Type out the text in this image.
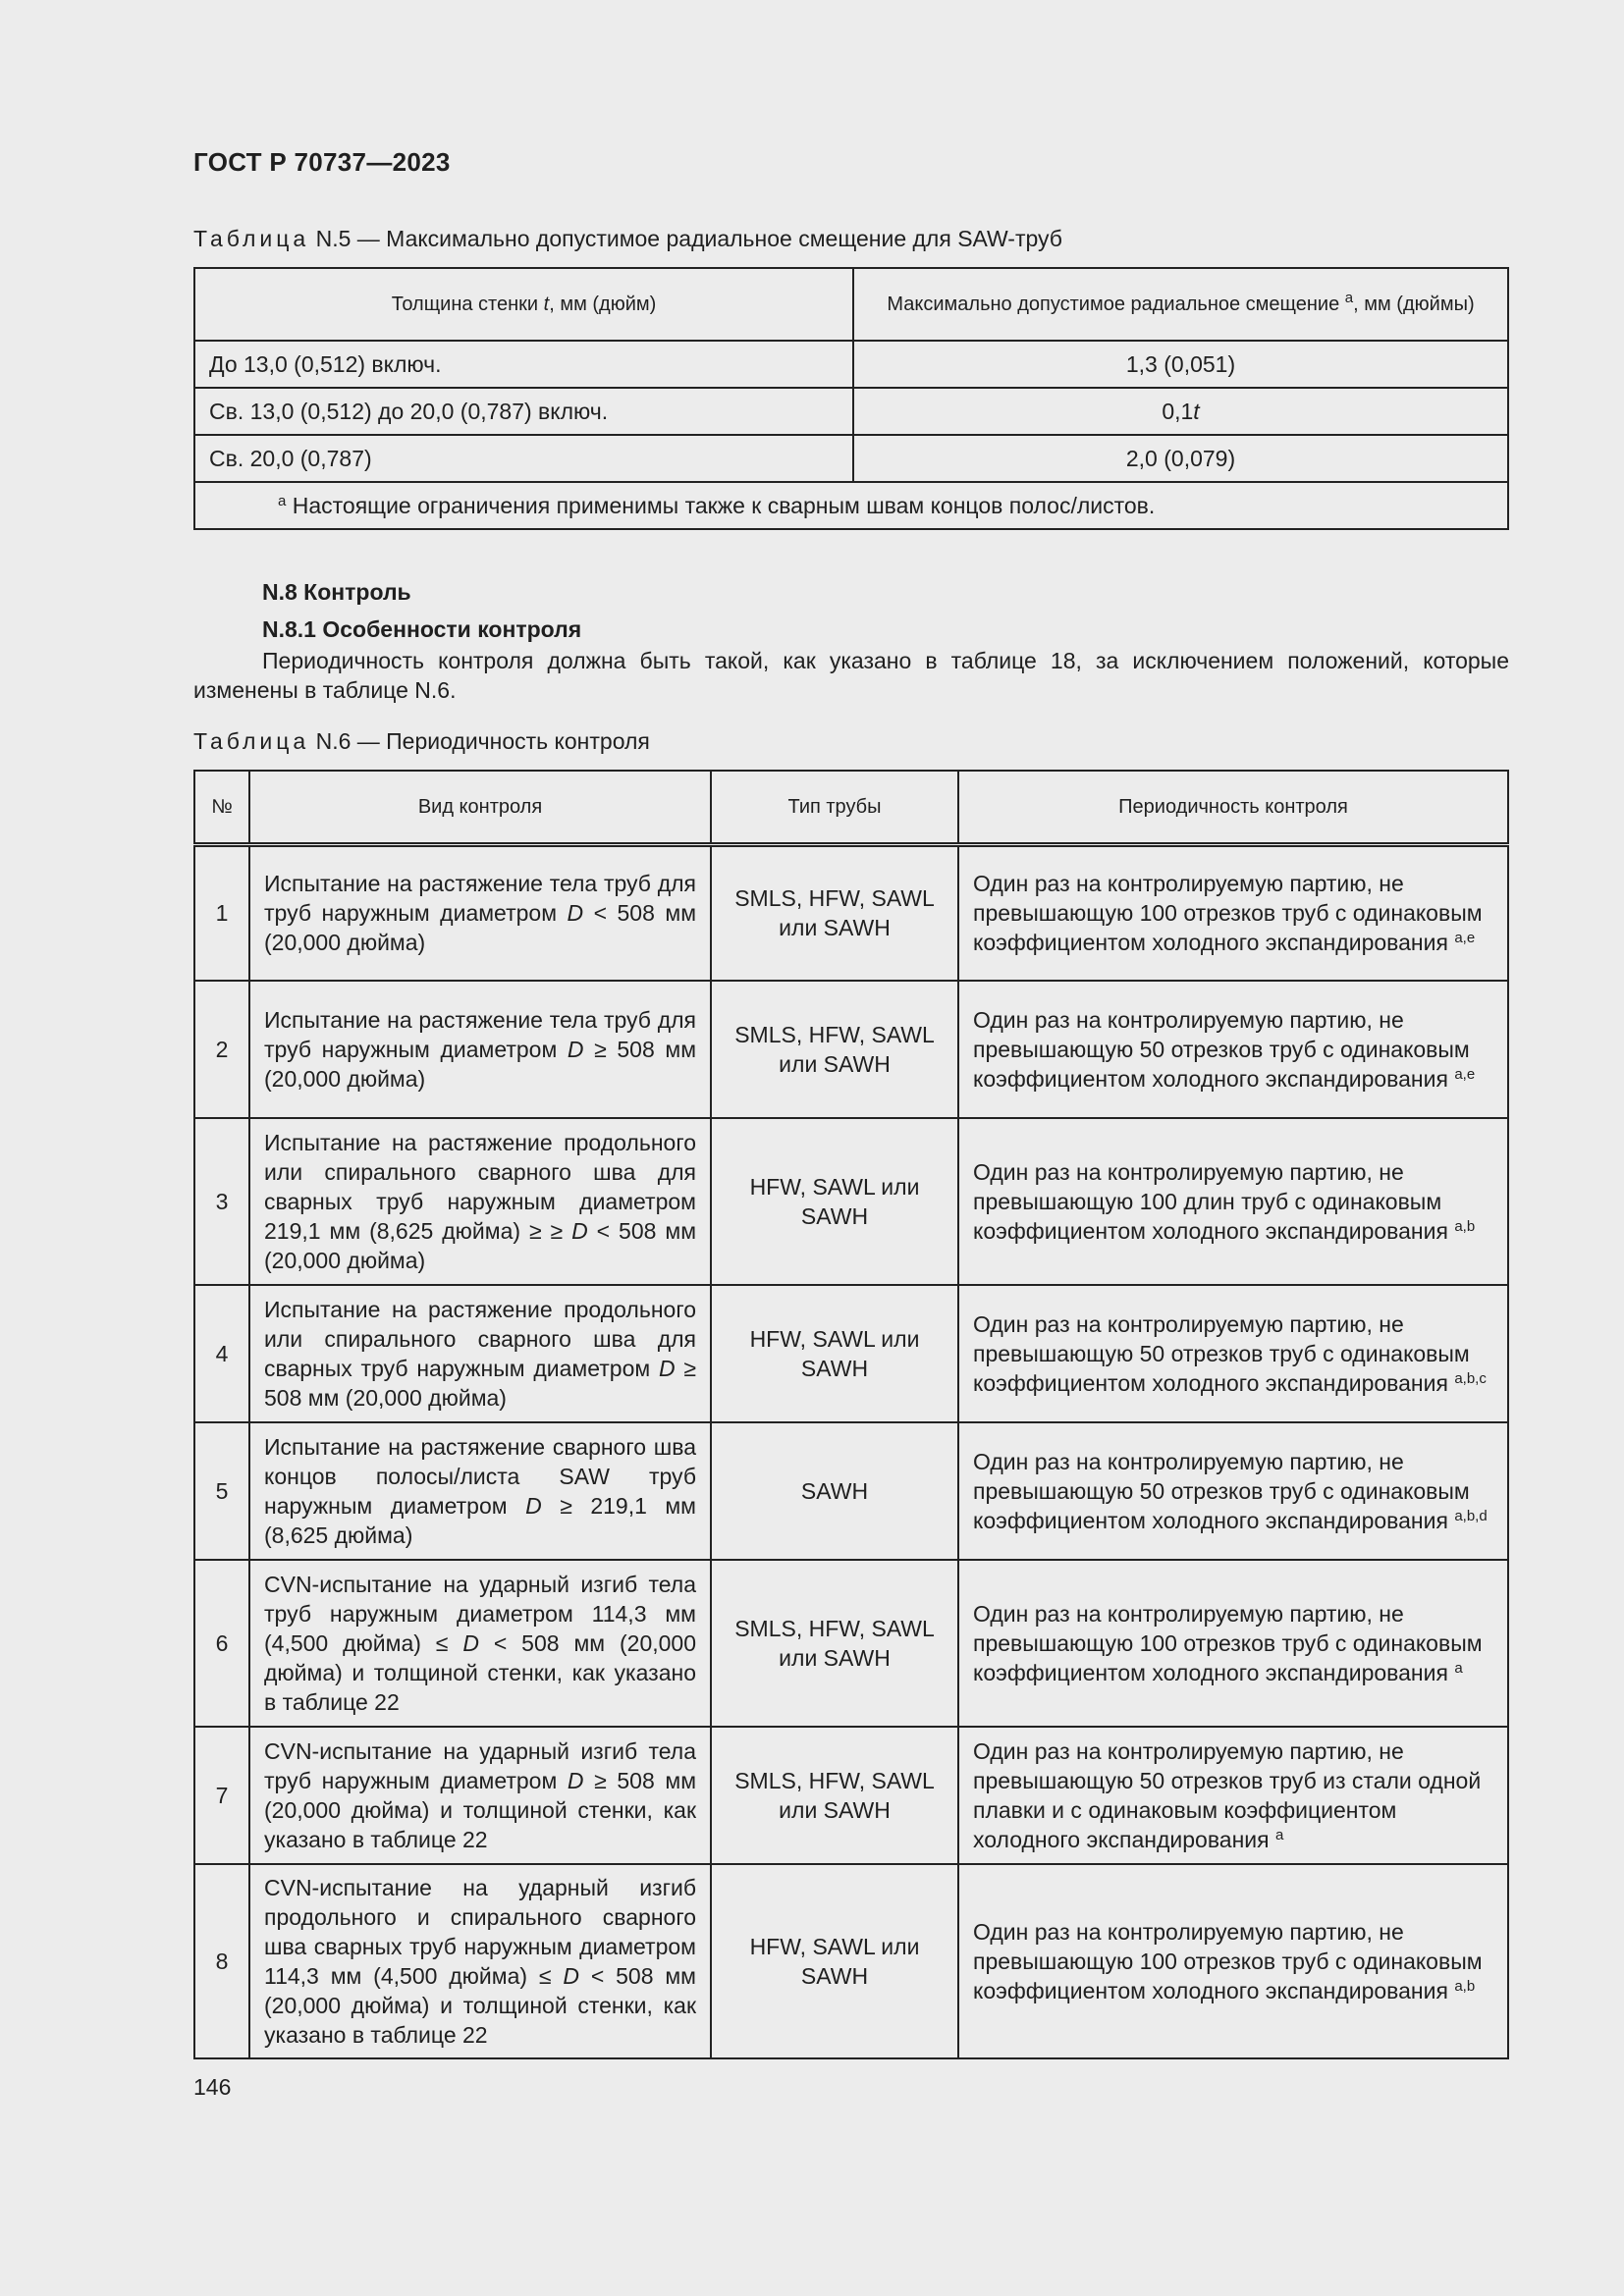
ГОСТ Р 70737—2023
Таблица N.5 — Максимально допустимое радиальное смещение для SAW-труб
Толщина стенки t, мм (дюйм)	Максимально допустимое радиальное смещение $^a$, мм (дюймы)
До 13,0 (0,512) включ.	1,3 (0,051)
Св. 13,0 (0,512) до 20,0 (0,787) включ.	0,1t
Св. 20,0 (0,787)	2,0 (0,079)
$^a$ Настоящие ограничения применимы также к сварным швам концов полос/листов.	
N.8 Контроль
N.8.1 Особенности контроля
Периодичность контроля должна быть такой, как указано в таблице 18, за исключением положений, которые изменены в таблице N.6.
Таблица N.6 — Периодичность контроля
№	Вид контроля	Тип трубы	Периодичность контроля
1	Испытание на растяжение тела труб для труб наружным диаметром D < 508 мм (20,000 дюйма)	SMLS, HFW, SAWL или SAWH	Один раз на контролируемую партию, не превышающую 100 отрезков труб с одинаковым коэффициентом холодного экспандирования $^{a,e}$
2	Испытание на растяжение тела труб для труб наружным диаметром D ≥ 508 мм (20,000 дюйма)	SMLS, HFW, SAWL или SAWH	Один раз на контролируемую партию, не превышающую 50 отрезков труб с одинаковым коэффициентом холодного экспандирования $^{a,e}$
3	Испытание на растяжение продольного или спирального сварного шва для сварных труб наружным диаметром 219,1 мм (8,625 дюйма) ≥ ≥ D < 508 мм (20,000 дюйма)	HFW, SAWL или SAWH	Один раз на контролируемую партию, не превышающую 100 длин труб с одинаковым коэффициентом холодного экспандирования $^{a,b}$
4	Испытание на растяжение продольного или спирального сварного шва для сварных труб наружным диаметром D ≥ 508 мм (20,000 дюйма)	HFW, SAWL или SAWH	Один раз на контролируемую партию, не превышающую 50 отрезков труб с одинаковым коэффициентом холодного экспандирования $^{a,b,c}$
5	Испытание на растяжение сварного шва концов полосы/листа SAW труб наружным диаметром D ≥ 219,1 мм (8,625 дюйма)	SAWH	Один раз на контролируемую партию, не превышающую 50 отрезков труб с одинаковым коэффициентом холодного экспандирования $^{a,b,d}$
6	CVN-испытание на ударный изгиб тела труб наружным диаметром 114,3 мм (4,500 дюйма) ≤ D < 508 мм (20,000 дюйма) и толщиной стенки, как указано в таблице 22	SMLS, HFW, SAWL или SAWH	Один раз на контролируемую партию, не превышающую 100 отрезков труб с одинаковым коэффициентом холодного экспандирования $^a$
7	CVN-испытание на ударный изгиб тела труб наружным диаметром D ≥ 508 мм (20,000 дюйма) и толщиной стенки, как указано в таблице 22	SMLS, HFW, SAWL или SAWH	Один раз на контролируемую партию, не превышающую 50 отрезков труб из стали одной плавки и с одинаковым коэффициентом холодного экспандирования $^a$
8	CVN-испытание на ударный изгиб продольного и спирального сварного шва сварных труб наружным диаметром 114,3 мм (4,500 дюйма) ≤ D < 508 мм (20,000 дюйма) и толщиной стенки, как указано в таблице 22	HFW, SAWL или SAWH	Один раз на контролируемую партию, не превышающую 100 отрезков труб с одинаковым коэффициентом холодного экспандирования $^{a,b}$
146
